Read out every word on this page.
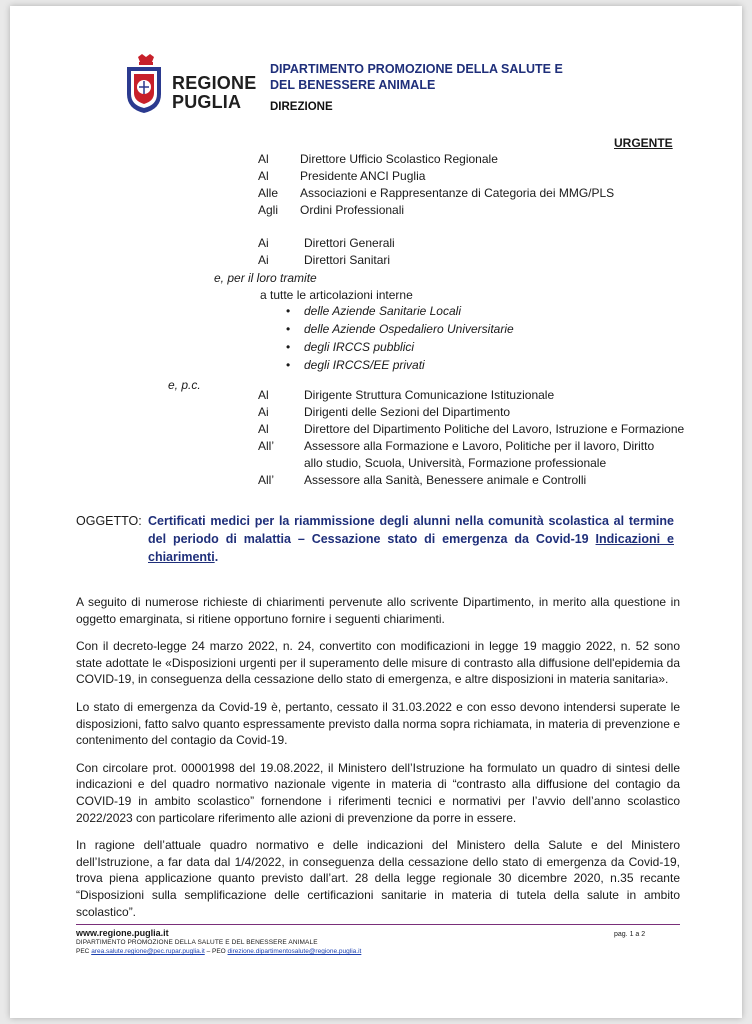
REGIONE
PUGLIA
DIPARTIMENTO PROMOZIONE DELLA SALUTE E
DEL BENESSERE ANIMALE
DIREZIONE
URGENTE
Al	Direttore Ufficio Scolastico Regionale
Al	Presidente ANCI Puglia
Alle Associazioni e Rappresentanze di Categoria dei MMG/PLS
Agli Ordini Professionali
Ai	Direttori Generali
Ai	Direttori Sanitari
e, per il loro tramite
a tutte le articolazioni interne
• delle Aziende Sanitarie Locali
• delle Aziende Ospedaliero Universitarie
• degli IRCCS pubblici
• degli IRCCS/EE privati
e, p.c.
Al	Dirigente Struttura Comunicazione Istituzionale
Ai	Dirigenti delle Sezioni del Dipartimento
Al	Direttore del Dipartimento Politiche del Lavoro, Istruzione e Formazione
All’ Assessore alla Formazione e Lavoro, Politiche per il lavoro, Diritto
allo studio, Scuola, Università, Formazione professionale
All’ Assessore alla Sanità, Benessere animale e Controlli
OGGETTO: Certificati medici per la riammissione degli alunni nella comunità scolastica al termine del periodo di malattia – Cessazione stato di emergenza da Covid-19 Indicazioni e chiarimenti.

A seguito di numerose richieste di chiarimenti pervenute allo scrivente Dipartimento, in merito alla questione in oggetto emarginata, si ritiene opportuno fornire i seguenti chiarimenti.

Con il decreto-legge 24 marzo 2022, n. 24, convertito con modificazioni in legge 19 maggio 2022, n. 52 sono state adottate le «Disposizioni urgenti per il superamento delle misure di contrasto alla diffusione dell'epidemia da COVID-19, in conseguenza della cessazione dello stato di emergenza, e altre disposizioni in materia sanitaria».

Lo stato di emergenza da Covid-19 è, pertanto, cessato il 31.03.2022 e con esso devono intendersi superate le disposizioni, fatto salvo quanto espressamente previsto dalla norma sopra richiamata, in materia di prevenzione e contenimento del contagio da Covid-19.

Con circolare prot. 00001998 del 19.08.2022, il Ministero dell’Istruzione ha formulato un quadro di sintesi delle indicazioni e del quadro normativo nazionale vigente in materia di “contrasto alla diffusione del contagio da COVID-19 in ambito scolastico” fornendone i riferimenti tecnici e normativi per l’avvio dell’anno scolastico 2022/2023 con particolare riferimento alle azioni di prevenzione da porre in essere.

In ragione dell’attuale quadro normativo e delle indicazioni del Ministero della Salute e del Ministero dell’Istruzione, a far data dal 1/4/2022, in conseguenza della cessazione dello stato di emergenza da Covid-19, trova piena applicazione quanto previsto dall’art. 28 della legge regionale 30 dicembre 2020, n.35 recante “Disposizioni sulla semplificazione delle certificazioni sanitarie in materia di tutela della salute in ambito scolastico”.

www.regione.puglia.it
DIPARTIMENTO PROMOZIONE DELLA SALUTE E DEL BENESSERE ANIMALE
pag. 1 a 2
PEC area.salute.regione@pec.rupar.puglia.it – PEO direzione.dipartimentosalute@regione.puglia.it
